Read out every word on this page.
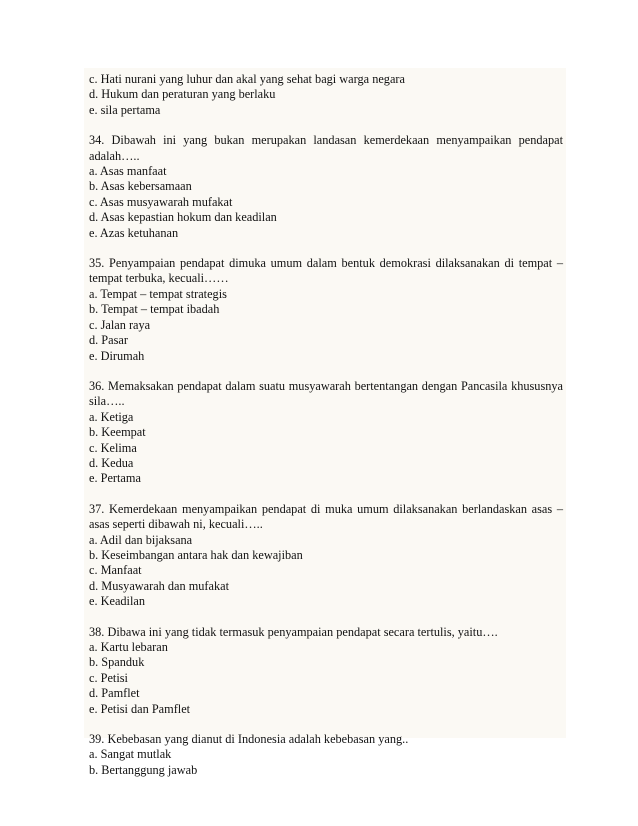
c. Hati nurani yang luhur dan akal yang sehat bagi warga negara
d. Hukum dan peraturan yang berlaku
e. sila pertama
34. Dibawah ini yang bukan merupakan landasan kemerdekaan menyampaikan pendapat adalah…..
a. Asas manfaat
b. Asas kebersamaan
c. Asas musyawarah mufakat
d. Asas kepastian hokum dan keadilan
e. Azas ketuhanan
35. Penyampaian pendapat dimuka umum dalam bentuk demokrasi dilaksanakan di tempat – tempat terbuka, kecuali……
a. Tempat – tempat strategis
b. Tempat – tempat ibadah
c. Jalan raya
d. Pasar
e. Dirumah
36. Memaksakan pendapat dalam suatu musyawarah bertentangan dengan Pancasila khususnya sila…..
a. Ketiga
b. Keempat
c. Kelima
d. Kedua
e. Pertama
37. Kemerdekaan menyampaikan pendapat di muka umum dilaksanakan berlandaskan asas – asas seperti dibawah ni, kecuali…..
a. Adil dan bijaksana
b. Keseimbangan antara hak dan kewajiban
c. Manfaat
d. Musyawarah dan mufakat
e. Keadilan
38. Dibawa ini yang tidak termasuk penyampaian pendapat secara tertulis, yaitu….
a. Kartu lebaran
b. Spanduk
c. Petisi
d. Pamflet
e. Petisi dan Pamflet
39. Kebebasan yang dianut di Indonesia adalah kebebasan yang..
a. Sangat mutlak
b. Bertanggung jawab
